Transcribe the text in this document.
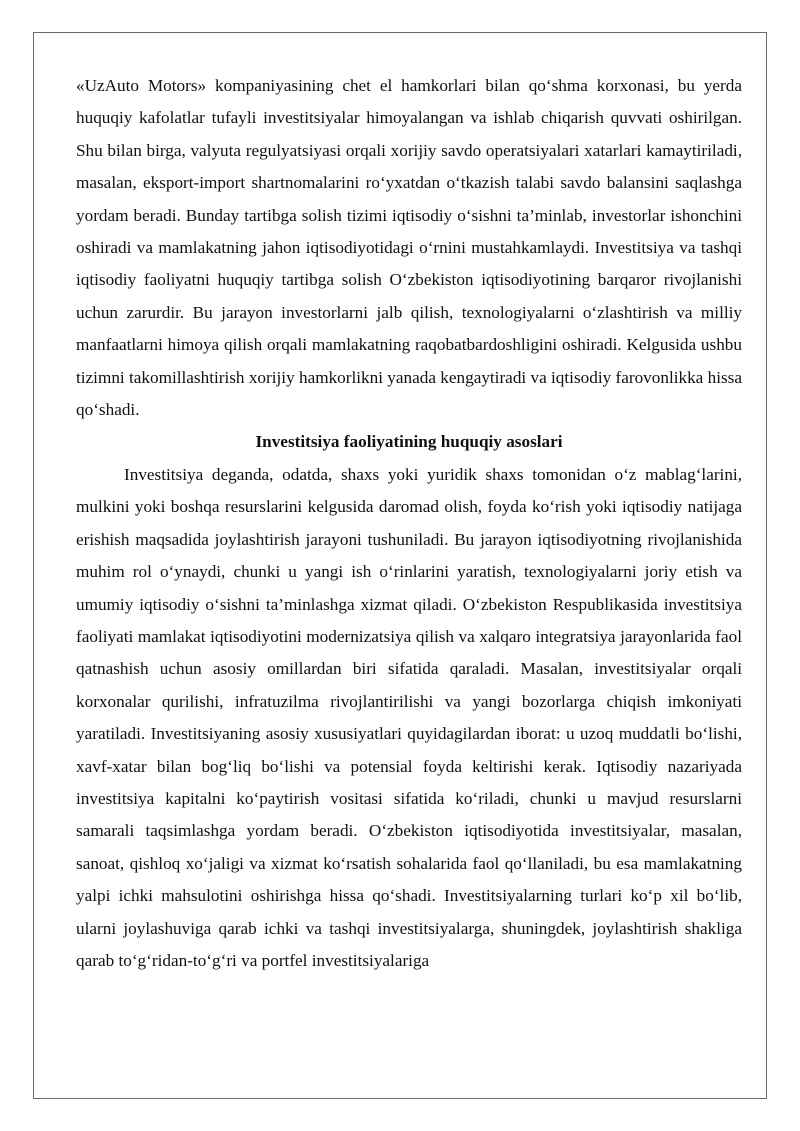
«UzAuto Motors» kompaniyasining chet el hamkorlari bilan qo‘shma korxonasi, bu yerda huquqiy kafolatlar tufayli investitsiyalar himoyalangan va ishlab chiqarish quvvati oshirilgan. Shu bilan birga, valyuta regulyatsiyasi orqali xorijiy savdo operatsiyalari xatarlari kamaytiriladi, masalan, eksport-import shartnomalarini ro‘yxatdan o‘tkazish talabi savdo balansini saqlashga yordam beradi. Bunday tartibga solish tizimi iqtisodiy o‘sishni ta’minlab, investorlar ishonchini oshiradi va mamlakatning jahon iqtisodiyotidagi o‘rnini mustahkamlaydi. Investitsiya va tashqi iqtisodiy faoliyatni huquqiy tartibga solish O‘zbekiston iqtisodiyotining barqaror rivojlanishi uchun zarurdir. Bu jarayon investorlarni jalb qilish, texnologiyalarni o‘zlashtirish va milliy manfaatlarni himoya qilish orqali mamlakatning raqobatbardoshligini oshiradi. Kelgusida ushbu tizimni takomillashtirish xorijiy hamkorlikni yanada kengaytiradi va iqtisodiy farovonlikka hissa qo‘shadi.

Investitsiya faoliyatining huquqiy asoslari

Investitsiya deganda, odatda, shaxs yoki yuridik shaxs tomonidan o‘z mablag‘larini, mulkini yoki boshqa resurslarini kelgusida daromad olish, foyda ko‘rish yoki iqtisodiy natijaga erishish maqsadida joylashtirish jarayoni tushuniladi. Bu jarayon iqtisodiyotning rivojlanishida muhim rol o‘ynaydi, chunki u yangi ish o‘rinlarini yaratish, texnologiyalarni joriy etish va umumiy iqtisodiy o‘sishni ta’minlashga xizmat qiladi. O‘zbekiston Respublikasida investitsiya faoliyati mamlakat iqtisodiyotini modernizatsiya qilish va xalqaro integratsiya jarayonlarida faol qatnashish uchun asosiy omillardan biri sifatida qaraladi. Masalan, investitsiyalar orqali korxonalar qurilishi, infratuzilma rivojlantirilishi va yangi bozorlarga chiqish imkoniyati yaratiladi. Investitsiyaning asosiy xususiyatlari quyidagilardan iborat: u uzoq muddatli bo‘lishi, xavf-xatar bilan bog‘liq bo‘lishi va potensial foyda keltirishi kerak. Iqtisodiy nazariyada investitsiya kapitalni ko‘paytirish vositasi sifatida ko‘riladi, chunki u mavjud resurslarni samarali taqsimlashga yordam beradi. O‘zbekiston iqtisodiyotida investitsiyalar, masalan, sanoat, qishloq xo‘jaligi va xizmat ko‘rsatish sohalarida faol qo‘llaniladi, bu esa mamlakatning yalpi ichki mahsulotini oshirishga hissa qo‘shadi. Investitsiyalarning turlari ko‘p xil bo‘lib, ularni joylashuviga qarab ichki va tashqi investitsiyalarga, shuningdek, joylashtirish shakliga qarab to‘g‘ridan-to‘g‘ri va portfel investitsiyalariga
